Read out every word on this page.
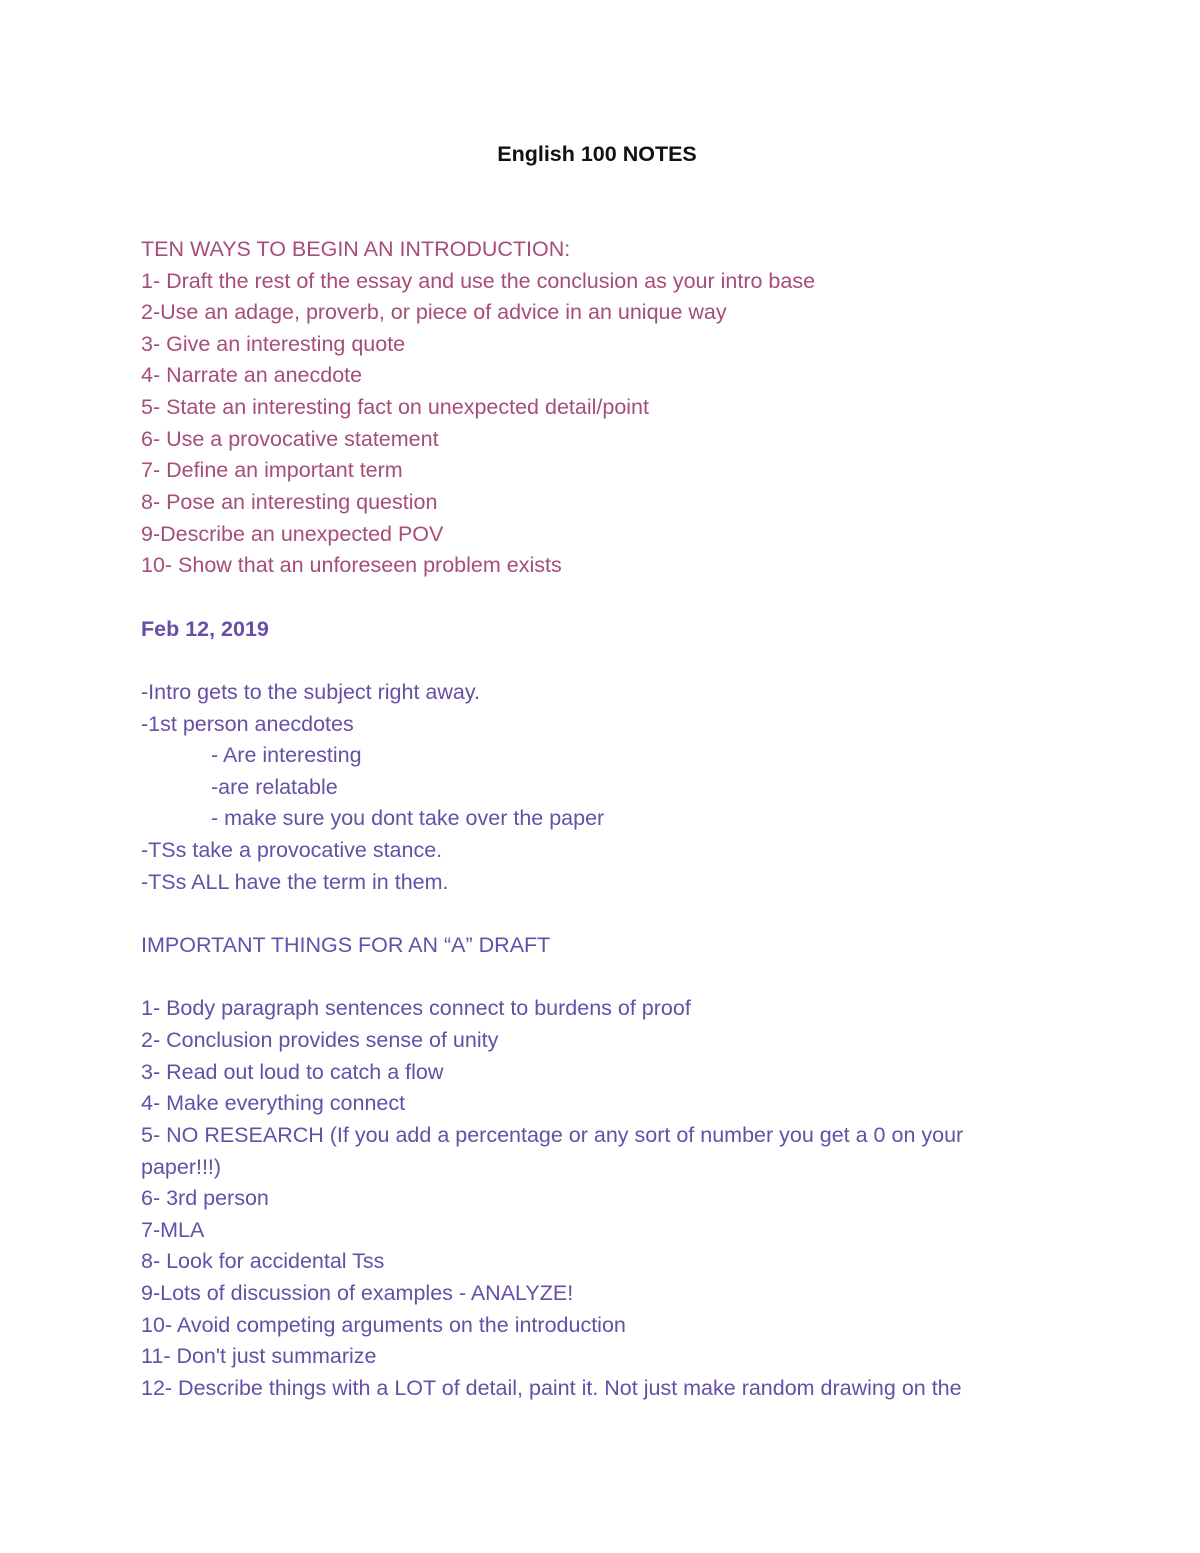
English 100 NOTES
TEN WAYS TO BEGIN AN INTRODUCTION:
1- Draft the rest of the essay and use the conclusion as your intro base
2-Use an adage, proverb, or piece of advice in an unique way
3- Give an interesting quote
4- Narrate an anecdote
5- State an interesting fact on unexpected detail/point
6- Use a provocative statement
7- Define an important term
8- Pose an interesting question
9-Describe an unexpected POV
10- Show that an unforeseen problem exists
Feb 12, 2019
-Intro gets to the subject right away.
-1st person anecdotes
- Are interesting
-are relatable
- make sure you dont take over the paper
-TSs take a provocative stance.
-TSs ALL have the term in them.
IMPORTANT THINGS FOR AN “A” DRAFT
1- Body paragraph sentences connect to burdens of proof
2- Conclusion provides sense of unity
3- Read out loud to catch a flow
4- Make everything connect
5- NO RESEARCH (If you add a percentage or any sort of number you get a 0 on your
paper!!!)
6- 3rd person
7-MLA
8- Look for accidental Tss
9-Lots of discussion of examples - ANALYZE!
10- Avoid competing arguments on the introduction
11- Don't just summarize
12- Describe things with a LOT of detail, paint it. Not just make random drawing on the
